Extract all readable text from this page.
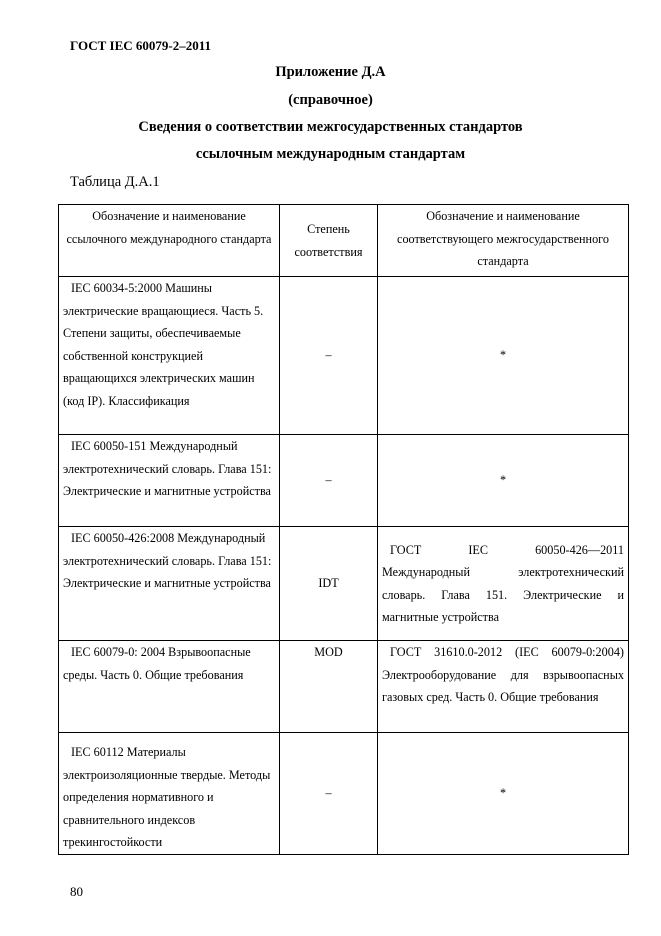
ГОСТ IEC 60079-2–2011
Приложение Д.А
(справочное)
Сведения о соответствии межгосударственных стандартов
ссылочным международным стандартам
Таблица Д.А.1
Обозначение и наименование ссылочного международного стандарта	Степень соответствия	Обозначение и наименование соответствующего межгосударственного стандарта
IEC 60034-5:2000 Машины электрические вращающиеся. Часть 5. Степени защиты, обеспечиваемые собственной конструкцией вращающихся электрических машин (код IP). Классификация	–	*
IEC 60050-151 Международный электротехнический словарь. Глава 151: Электрические и магнитные устройства	–	*
IEC 60050-426:2008 Международный электротехнический словарь. Глава 151: Электрические и магнитные устройства	IDT	ГОСТ IEC 60050-426—2011 Международный электротехнический словарь. Глава 151. Электрические и магнитные устройства
IEC 60079-0: 2004 Взрывоопасные среды. Часть 0. Общие требования	MOD	ГОСТ 31610.0-2012 (IEC 60079-0:2004) Электрооборудование для взрывоопасных газовых сред. Часть 0. Общие требования
IEC 60112 Материалы электроизоляционные твердые. Методы определения нормативного и сравнительного индексов трекингостойкости	–	*
80
